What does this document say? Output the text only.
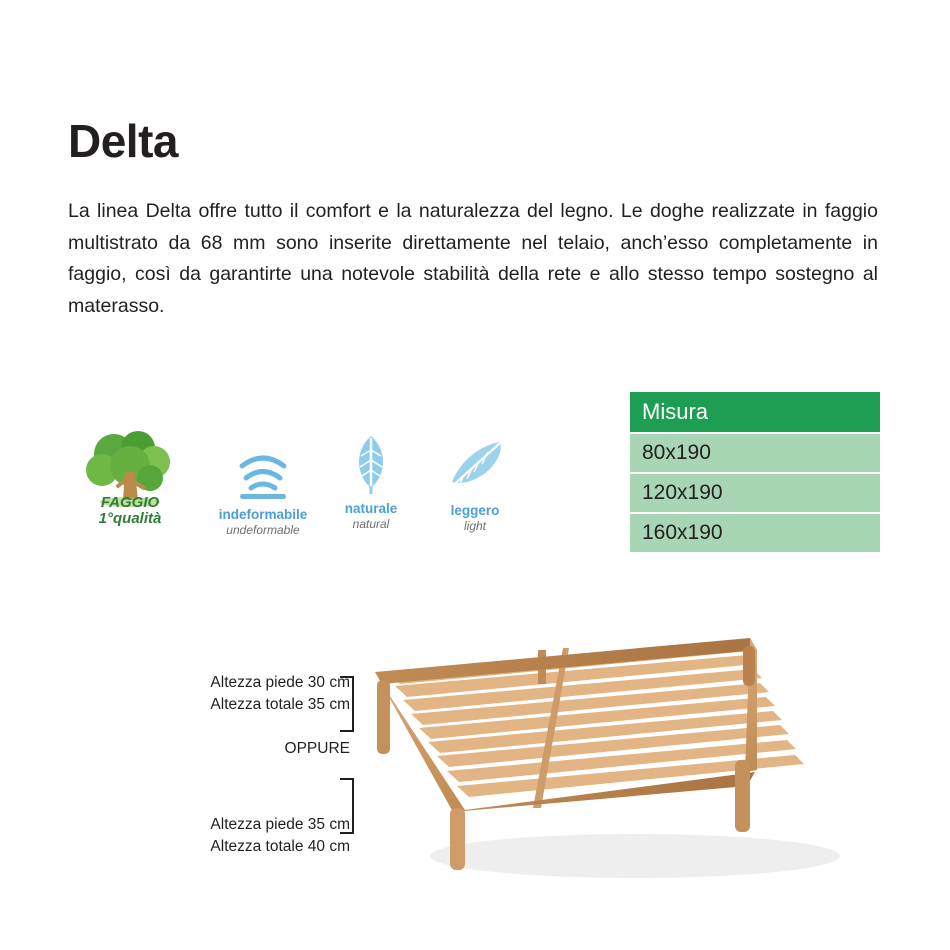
Delta
La linea Delta offre tutto il comfort e la naturalezza del legno. Le doghe realizzate in faggio multistrato da 68 mm sono inserite direttamente nel telaio, anch’esso completamente in faggio, così da garantirte una notevole stabilità della rete e allo stesso tempo sostegno al materasso.
FAGGIO
1°qualità	indeformabile
undeformable
naturale
natural
leggero
light
Misura
80x190
120x190
160x190
Altezza piede 30 cm
Altezza totale 35 cm
OPPURE
Altezza piede 35 cm
Altezza totale 40 cm
